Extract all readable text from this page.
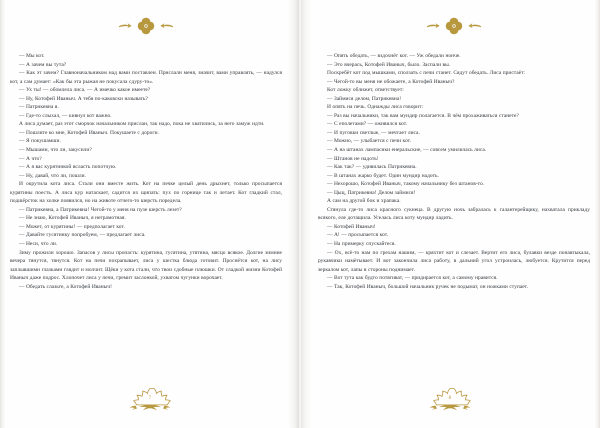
— Мы кот.

— А зачем вы тута?

— Как эт зачем? Главноначальником над вами поставлен. Прислали меня, значит, вами управлять, — надулся кот, а сам думает: «Как бы эта рыжая не покусала сдуру-то».

— Ух ты! — обомлела лиса. — А имечко какое имеете?

— Ну, Котофей Иваныч. А тебя по-каковски называть?

— Патрикевна я.

— Где-то слыхал, — кивнул кот важно.

А лиса думает, раз этот сморчок начальником прислан, так надо, пока не хватились, за него замуж идти.

— Пошлите ко мне, Котофей Иваныч. Покушаете с дороги.

— Я покушамши.

— Мышами, что ли, закусили?

— А что?

— А я вас курятинкой всласть попотчую.

— Ну, давай, что ли, пошли.

И окрутила кота лиса. Стали они вместе жить. Кот на печке целый день дрыхнет, только просыпается курятины поесть. А лиса кур натаскает, садится их щипать: пух по горнице так и летает. Кот гладкий стал, подшёрсток на холке появился, но на животе отчего-то шерсть поредела.

— Патрикевна, а Патрикевна! Чегой-то у меня на пузе шерсть лезет?

— Не знаю, Котофей Иваныч, я неграмотная.

— Может, от курятины! — предполагает кот.

— Давайте гусятинку попробуем, — предлагает лиса.

— Неси, что ли.

Зиму прожили хорошо. Запасов у лисы пропасть: курятина, гусятина, утятина, мясцо всякое. Долгие зимние вечера тянутся, тянутся. Кот на печи похрапывает, лиса у шестка блюда готовит. Проснётся кот, на лису заплывшими глазками глядит и молчит. Щёки у кота стали, что твои сдобные плюшки. От сладкой жизни Котофей Иваныч даже подрос. Хлопочет лиса у печи, гремит заслонкой, ухватом чугунки ворочает.

— Обедать слазьте, а Котофей Иваныч!

7

— Опять обедать, — вздохнёт кот. — Уж обедали нонче.

— Это вчерась, Котофей Иваныч, было. Заспали вы.

Поскребёт кот под мышками, сползать с печи станет. Сядут обедать. Лиса пристаёт:

— Чегой-то вы меня не обожаете, а Котофей Иваныч?

Кот ложку оближет, ответствует:

— Займися делом, Патрикевна!

И опять на печь. Однажды лиса говорит:

— Раз вы начальники, так вам мундир полагается. В чём прохаживаться станете?

— С еполетами? — оживился кот.

— И пуговки светлые, — мечтает лиса.

— Можно, — улыбается с печи кот.

— А на штанах лампасики енеральские, — совсем умилилась лиса.

— Штанов не надоть!

— Как так? — удивилась Патрикевна.

— В штанах жарко будет. Один мундир надоть.

— Нехорошо, Котофей Иваныч, такому начальнику без штанов-то.

— Цыц, Патрикевна! Делом займися!

А сам на другой бок и храпака.

Стянула где-то лиса красного сукнеца. В другую ночь забралась к галантерейщику, нахватала прикладу всякого, еле дотащила. Уселась лиса коту мундир ладить.

— Котофей Иваныч!

— А! — просыпается кот.

— На примерку спускайтеся.

— Ох, всё-то нам по грехам нашим, — кряхтит кот и слезает. Вертит его лиса, булавки везде понавтыкала, рукавчики намётывает. И вот закончила лиса работу, в дальний угол устроилась, любуется. Крутится перед зеркалом кот, лапы в стороны поднимает.

— Вот тута как будто потягиват, — придирается кот, а самому нравится.

— Так, Котофей Иваныч, большой начальник ручек не подымат, он ножками ступает.

8
